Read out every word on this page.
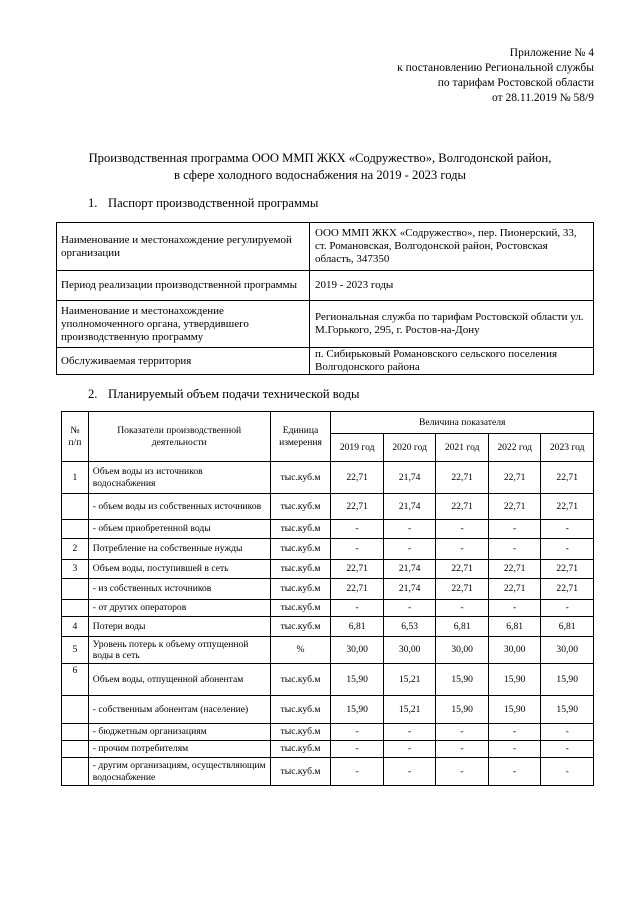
Приложение № 4
к постановлению Региональной службы
по тарифам Ростовской области
от 28.11.2019 № 58/9
Производственная программа ООО ММП ЖКХ «Содружество», Волгодонской район,
в сфере холодного водоснабжения на 2019 - 2023 годы
1. Паспорт производственной программы
Наименование и местонахождение регулируемой организации	ООО ММП ЖКХ «Содружество», пер. Пионерский, 33, ст. Романовская, Волгодонской район, Ростовская область, 347350
Период реализации производственной программы	2019 - 2023 годы
Наименование и местонахождение уполномоченного органа, утвердившего производственную программу	Региональная служба по тарифам Ростовской области ул. М.Горького, 295, г. Ростов-на-Дону
Обслуживаемая территория	п. Сибирьковый Романовского сельского поселения Волгодонского района
2. Планируемый объем подачи технической воды
№ п/п	Показатели производственной деятельности	Единица измерения	Величина показателя				
			2019 год	2020 год	2021 год	2022 год	2023 год
1	Объем воды из источников водоснабжения	тыс.куб.м	22,71	21,74	22,71	22,71	22,71
	- объем воды из собственных источников	тыс.куб.м	22,71	21,74	22,71	22,71	22,71
	- объем приобретенной воды	тыс.куб.м	-	-	-	-	-
2	Потребление на собственные нужды	тыс.куб.м	-	-	-	-	-
3	Объем воды, поступившей в сеть	тыс.куб.м	22,71	21,74	22,71	22,71	22,71
	- из собственных источников	тыс.куб.м	22,71	21,74	22,71	22,71	22,71
	- от других операторов	тыс.куб.м	-	-	-	-	-
4	Потери воды	тыс.куб.м	6,81	6,53	6,81	6,81	6,81
5	Уровень потерь к объему отпущенной воды в сеть	%	30,00	30,00	30,00	30,00	30,00
6	Объем воды, отпущенной абонентам	тыс.куб.м	15,90	15,21	15,90	15,90	15,90
	- собственным абонентам (население)	тыс.куб.м	15,90	15,21	15,90	15,90	15,90
	- бюджетным организациям	тыс.куб.м	-	-	-	-	-
	- прочим потребителям	тыс.куб.м	-	-	-	-	-
	- другим организациям, осуществляющим водоснабжение	тыс.куб.м	-	-	-	-	-
